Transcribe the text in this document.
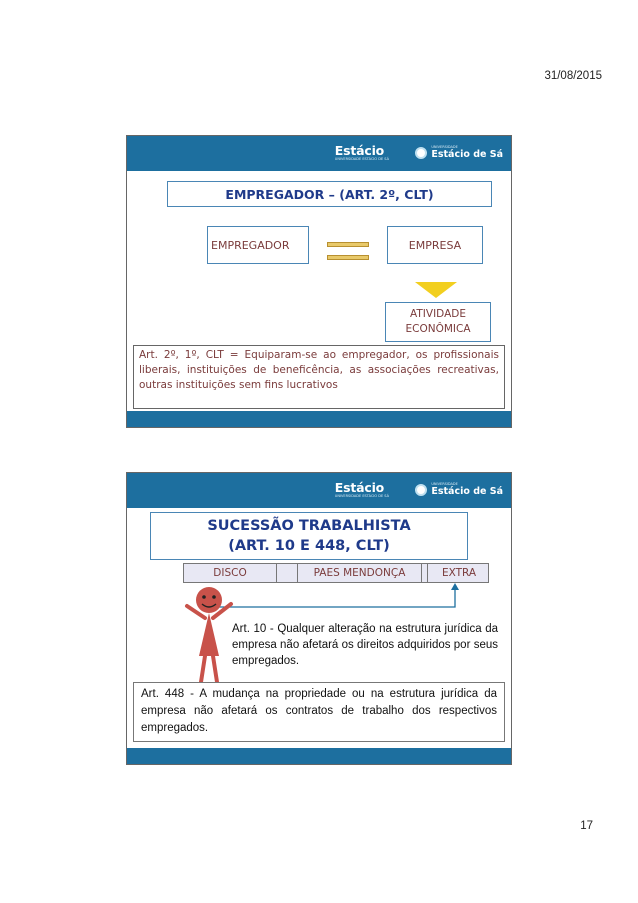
31/08/2015
Estácio
UNIVERSIDADE ESTÁCIO DE SÁ
UNIVERSIDADE
Estácio de Sá
EMPREGADOR – (ART. 2º, CLT)
EMPREGADOR	EMPRESA
ATIVIDADE
ECONÔMICA
Art. 2º, 1º, CLT = Equiparam-se ao empregador, os profissionais liberais, instituições de beneficência, as associações recreativas, outras instituições sem fins lucrativos
Estácio
UNIVERSIDADE ESTÁCIO DE SÁ
UNIVERSIDADE
Estácio de Sá
SUCESSÃO TRABALHISTA
(ART. 10 E 448, CLT)
DISCO	PAES MENDONÇA	EXTRA
Art. 10 - Qualquer alteração na estrutura jurídica da empresa não afetará os direitos adquiridos por seus empregados.
Art. 448 - A mudança na propriedade ou na estrutura jurídica da empresa não afetará os contratos de trabalho dos respectivos empregados.
17
